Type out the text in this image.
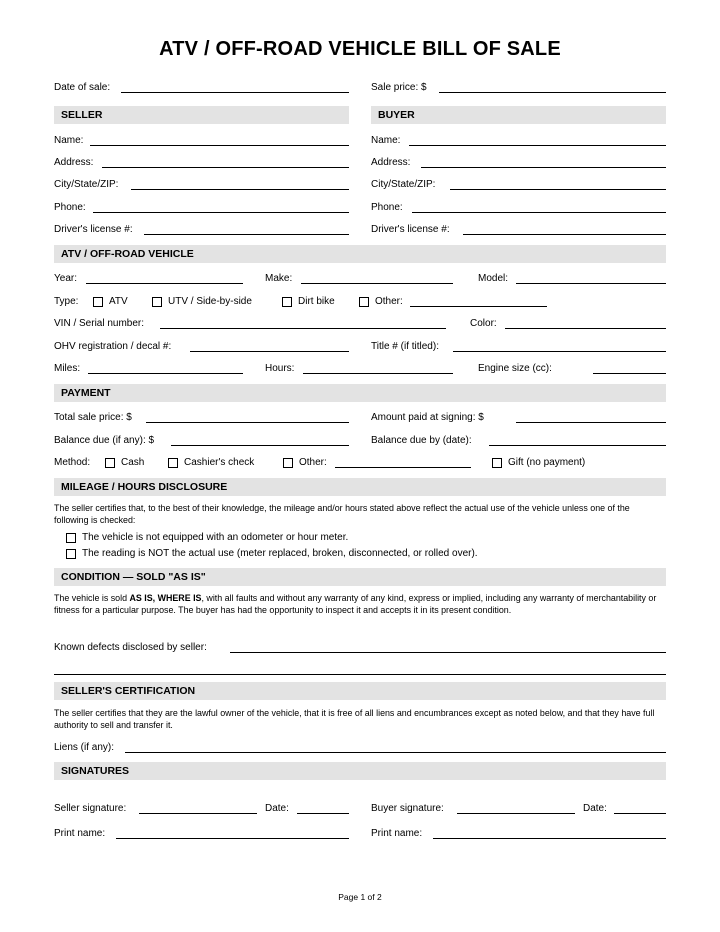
ATV / OFF-ROAD VEHICLE BILL OF SALE
Date of sale:	Sale price: $
SELLER	BUYER
Name:	Name:
Address:	Address:
City/State/ZIP:	City/State/ZIP:
Phone:	Phone:
Driver's license #:	Driver's license #:
ATV / OFF-ROAD VEHICLE
Year:	Make:	Model:
Type:	ATV	UTV / Side-by-side	Dirt bike	Other:
VIN / Serial number:	Color:
OHV registration / decal #:	Title # (if titled):
Miles:	Hours:	Engine size (cc):
PAYMENT
Total sale price: $	Amount paid at signing: $
Balance due (if any): $	Balance due by (date):
Method:	Cash	Cashier's check	Other:	Gift (no payment)
MILEAGE / HOURS DISCLOSURE
The seller certifies that, to the best of their knowledge, the mileage and/or hours stated above reflect the actual use of the vehicle unless one of the following is checked:
The vehicle is not equipped with an odometer or hour meter.
The reading is NOT the actual use (meter replaced, broken, disconnected, or rolled over).
CONDITION — SOLD "AS IS"
The vehicle is sold AS IS, WHERE IS, with all faults and without any warranty of any kind, express or implied, including any warranty of merchantability or fitness for a particular purpose. The buyer has had the opportunity to inspect it and accepts it in its present condition.
Known defects disclosed by seller:
SELLER'S CERTIFICATION
The seller certifies that they are the lawful owner of the vehicle, that it is free of all liens and encumbrances except as noted below, and that they have full authority to sell and transfer it.
Liens (if any):
SIGNATURES
Seller signature:	Date:	Buyer signature:	Date:
Print name:	Print name:
Page 1 of 2
